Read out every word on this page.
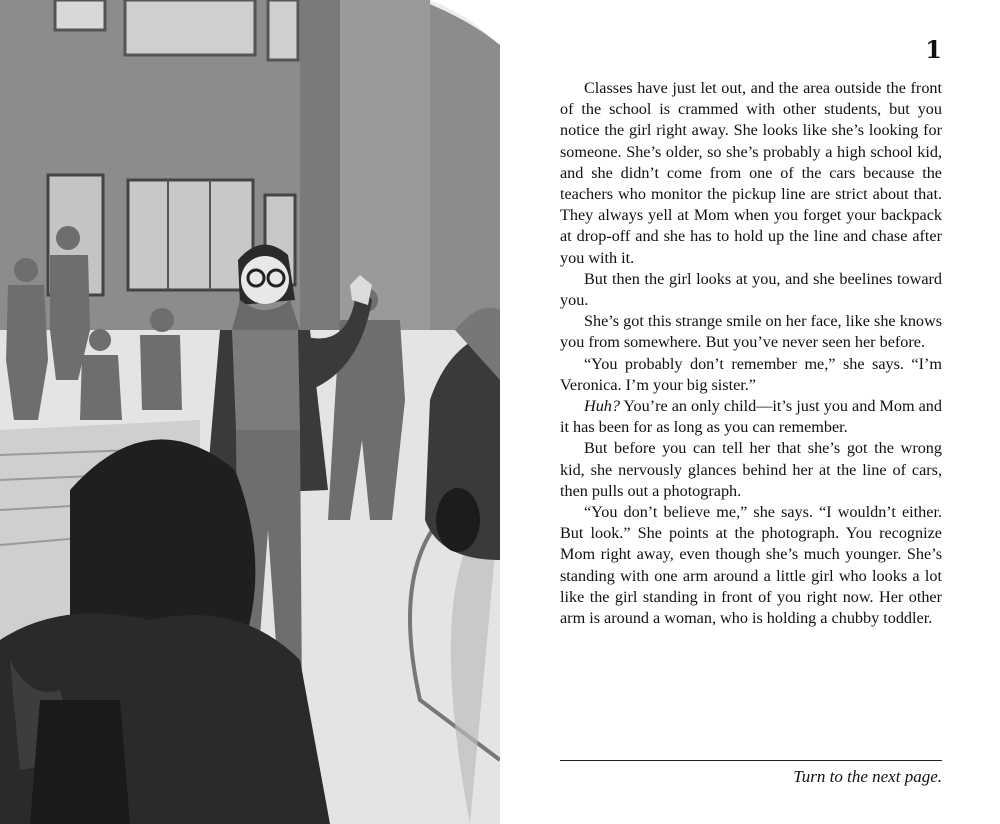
1

Classes have just let out, and the area outside the front of the school is crammed with other students, but you notice the girl right away. She looks like she’s looking for someone. She’s older, so she’s probably a high school kid, and she didn’t come from one of the cars because the teachers who monitor the pickup line are strict about that. They always yell at Mom when you forget your backpack at drop-off and she has to hold up the line and chase after you with it.

But then the girl looks at you, and she beelines toward you.

She’s got this strange smile on her face, like she knows you from somewhere. But you’ve never seen her before.

“You probably don’t remember me,” she says. “I’m Veronica. I’m your big sister.”

Huh? You’re an only child—it’s just you and Mom and it has been for as long as you can remember.

But before you can tell her that she’s got the wrong kid, she nervously glances behind her at the line of cars, then pulls out a photograph.

“You don’t believe me,” she says. “I wouldn’t either. But look.” She points at the photograph. You recognize Mom right away, even though she’s much younger. She’s standing with one arm around a little girl who looks a lot like the girl standing in front of you right now. Her other arm is around a woman, who is holding a chubby toddler.

Turn to the next page.
